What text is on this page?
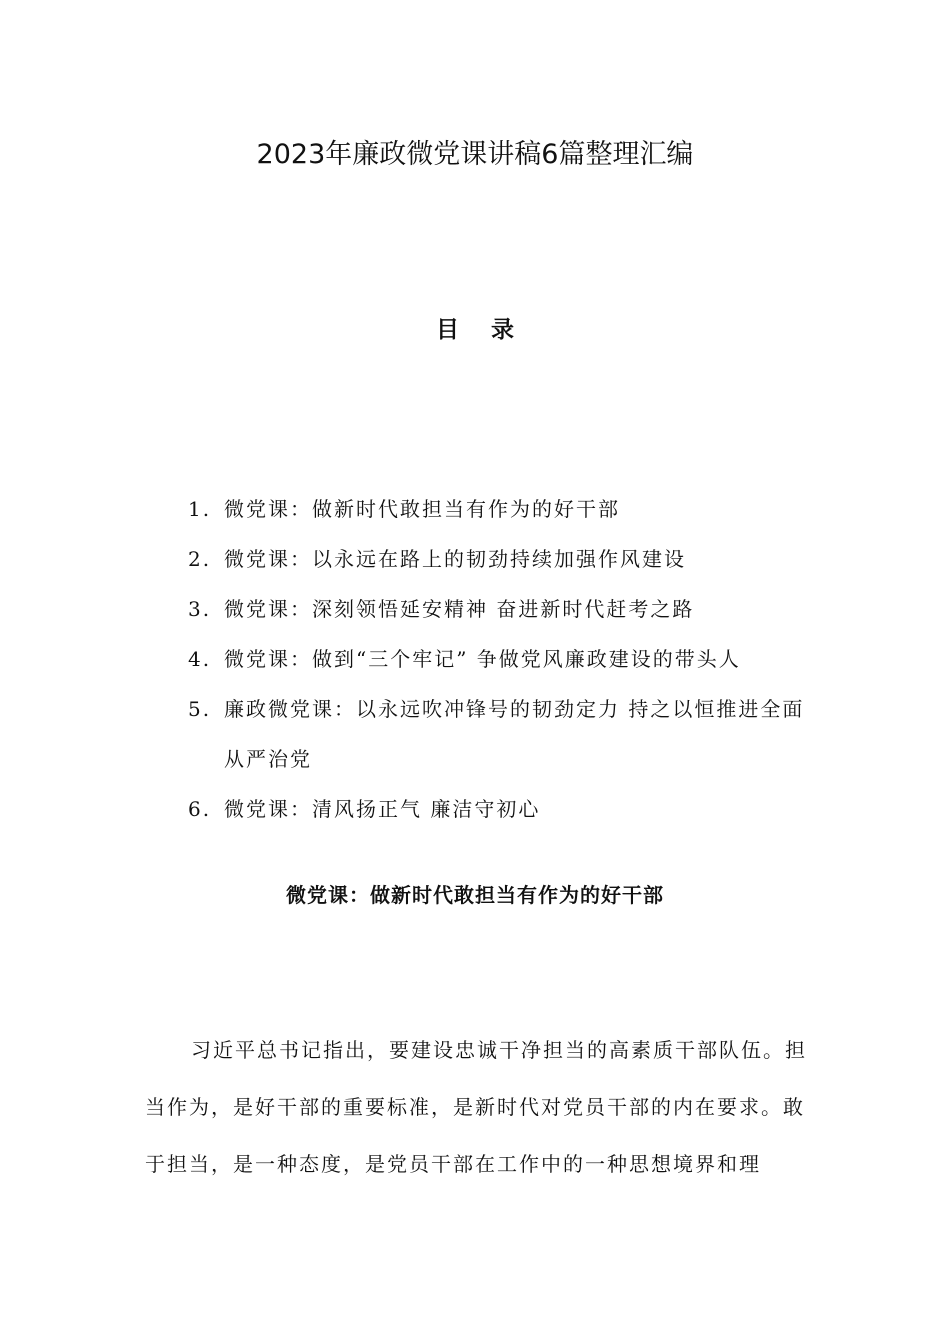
2023年廉政微党课讲稿6篇整理汇编
目 录
1. 微党课：做新时代敢担当有作为的好干部
2. 微党课：以永远在路上的韧劲持续加强作风建设
3. 微党课：深刻领悟延安精神 奋进新时代赶考之路
4. 微党课：做到“三个牢记” 争做党风廉政建设的带头人
5. 廉政微党课：以永远吹冲锋号的韧劲定力 持之以恒推进全面从严治党
6. 微党课：清风扬正气 廉洁守初心
微党课：做新时代敢担当有作为的好干部

习近平总书记指出，要建设忠诚干净担当的高素质干部队伍。担当作为，是好干部的重要标准，是新时代对党员干部的内在要求。敢于担当，是一种态度，是党员干部在工作中的一种思想境界和理
